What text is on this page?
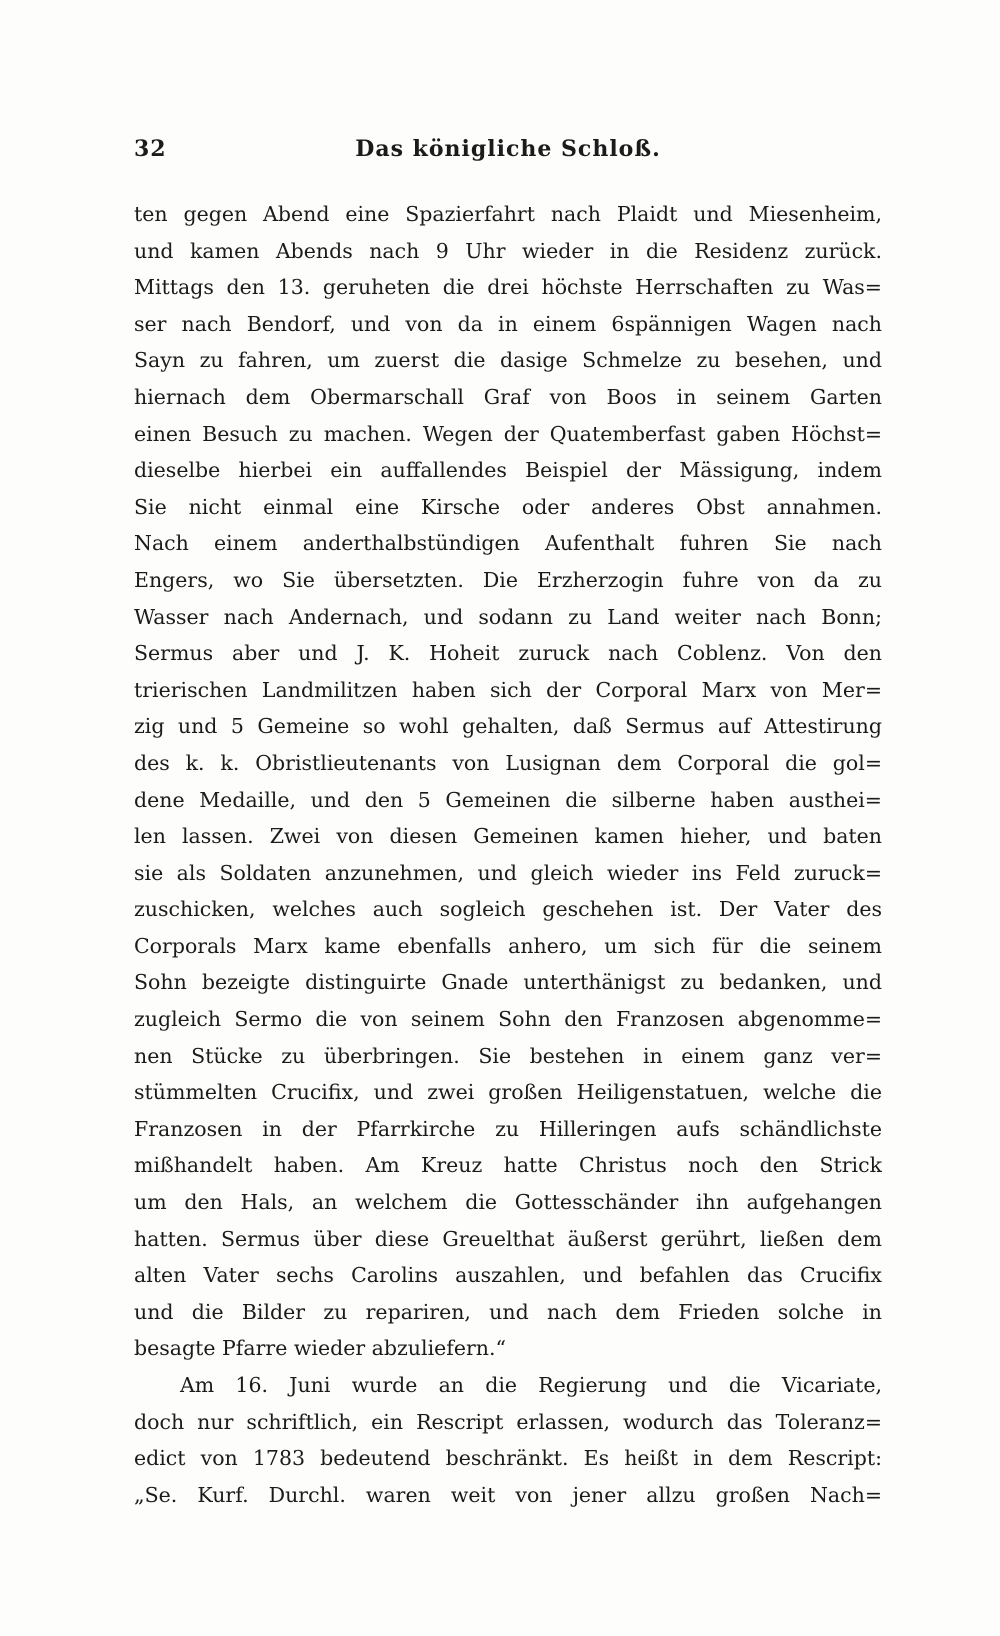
32	Das königliche Schloß.
ten gegen Abend eine Spazierfahrt nach Plaidt und Miesenheim,
und kamen Abends nach 9 Uhr wieder in die Residenz zurück.
Mittags den 13. geruheten die drei höchste Herrschaften zu Was=
ser nach Bendorf, und von da in einem 6spännigen Wagen nach
Sayn zu fahren, um zuerst die dasige Schmelze zu besehen, und
hiernach dem Obermarschall Graf von Boos in seinem Garten
einen Besuch zu machen. Wegen der Quatemberfast gaben Höchst=
dieselbe hierbei ein auffallendes Beispiel der Mässigung, indem
Sie nicht einmal eine Kirsche oder anderes Obst annahmen.
Nach einem anderthalbstündigen Aufenthalt fuhren Sie nach
Engers, wo Sie übersetzten. Die Erzherzogin fuhre von da zu
Wasser nach Andernach, und sodann zu Land weiter nach Bonn;
Sermus aber und J. K. Hoheit zuruck nach Coblenz. Von den
trierischen Landmilitzen haben sich der Corporal Marx von Mer=
zig und 5 Gemeine so wohl gehalten, daß Sermus auf Attestirung
des k. k. Obristlieutenants von Lusignan dem Corporal die gol=
dene Medaille, und den 5 Gemeinen die silberne haben austhei=
len lassen. Zwei von diesen Gemeinen kamen hieher, und baten
sie als Soldaten anzunehmen, und gleich wieder ins Feld zuruck=
zuschicken, welches auch sogleich geschehen ist. Der Vater des
Corporals Marx kame ebenfalls anhero, um sich für die seinem
Sohn bezeigte distinguirte Gnade unterthänigst zu bedanken, und
zugleich Sermo die von seinem Sohn den Franzosen abgenomme=
nen Stücke zu überbringen. Sie bestehen in einem ganz ver=
stümmelten Crucifix, und zwei großen Heiligenstatuen, welche die
Franzosen in der Pfarrkirche zu Hilleringen aufs schändlichste
mißhandelt haben. Am Kreuz hatte Christus noch den Strick
um den Hals, an welchem die Gottesschänder ihn aufgehangen
hatten. Sermus über diese Greuelthat äußerst gerührt, ließen dem
alten Vater sechs Carolins auszahlen, und befahlen das Crucifix
und die Bilder zu repariren, und nach dem Frieden solche in
besagte Pfarre wieder abzuliefern.“
Am 16. Juni wurde an die Regierung und die Vicariate,
doch nur schriftlich, ein Rescript erlassen, wodurch das Toleranz=
edict von 1783 bedeutend beschränkt. Es heißt in dem Rescript:
„Se. Kurf. Durchl. waren weit von jener allzu großen Nach=
